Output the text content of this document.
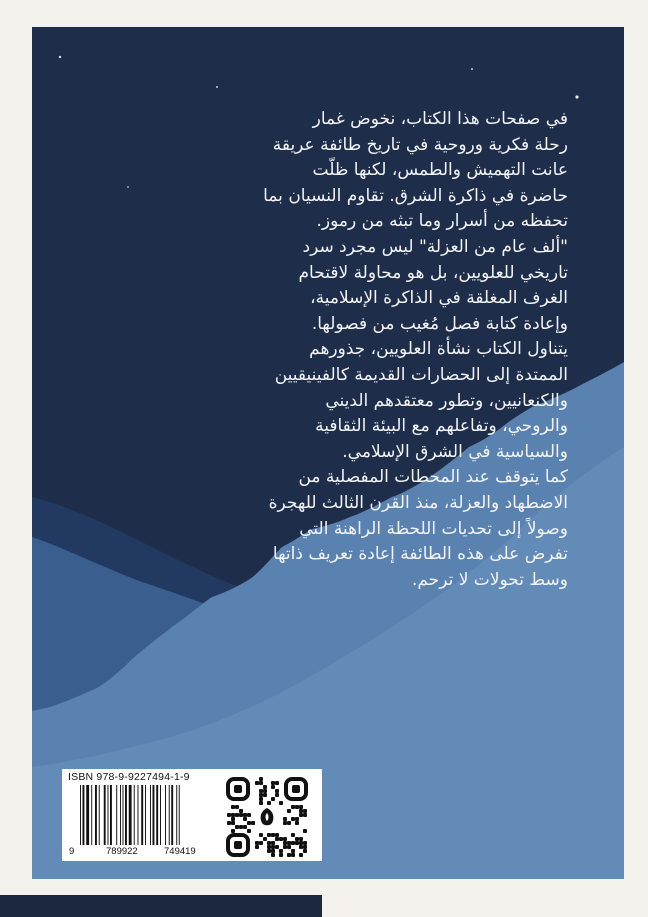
في صفحات هذا الكتاب، نخوض غمار
رحلة فكرية وروحية في تاريخ طائفة عريقة
عانت التهميش والطمس، لكنها ظلّت
حاضرة في ذاكرة الشرق. تقاوم النسيان بما
تحفظه من أسرار وما تبثه من رموز.
"ألف عام من العزلة" ليس مجرد سرد
تاريخي للعلويين، بل هو محاولة لاقتحام
الغرف المغلقة في الذاكرة الإسلامية،
وإعادة كتابة فصل مُغيب من فصولها.
يتناول الكتاب نشأة العلويين، جذورهم
الممتدة إلى الحضارات القديمة كالفينيقيين
والكنعانيين، وتطور معتقدهم الديني
والروحي، وتفاعلهم مع البيئة الثقافية
والسياسية في الشرق الإسلامي.
كما يتوقف عند المحطات المفصلية من
الاضطهاد والعزلة، منذ القرن الثالث للهجرة
وصولاً إلى تحديات اللحظة الراهنة التي
تفرض على هذه الطائفة إعادة تعريف ذاتها
وسط تحولات لا ترحم.
ISBN 978-9-9227494-1-9
9	789922	749419
